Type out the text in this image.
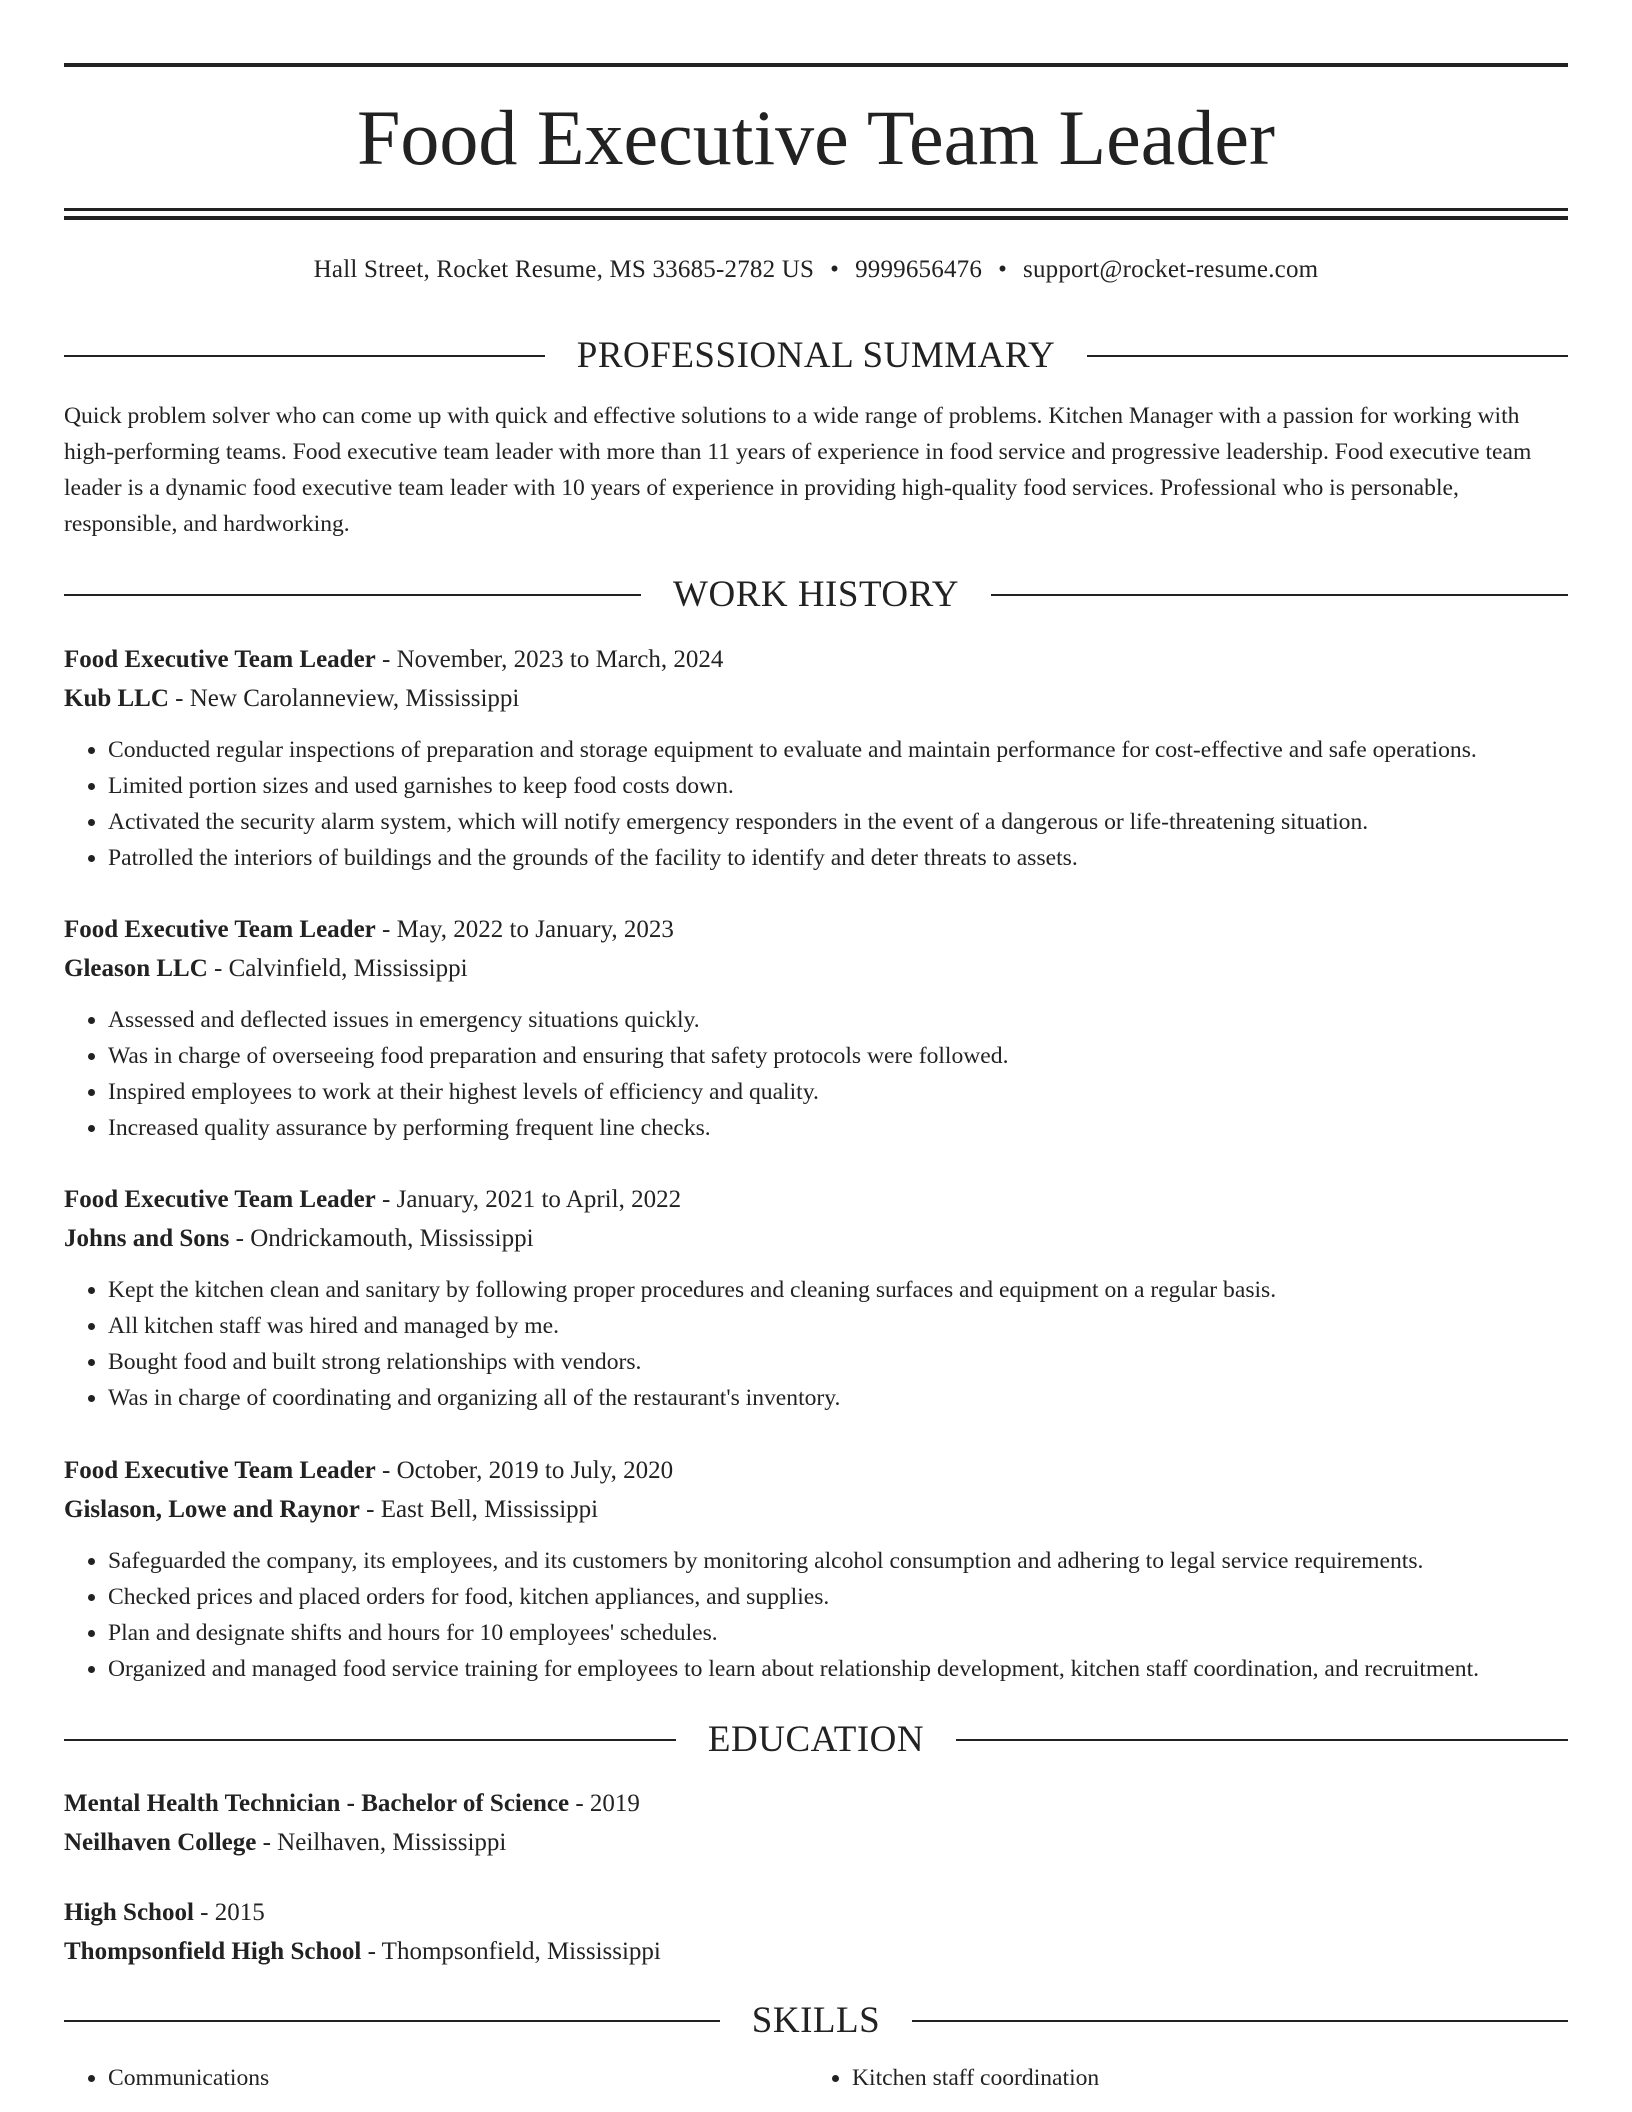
Food Executive Team Leader
Hall Street, Rocket Resume, MS 33685-2782 US • 9999656476 • support@rocket-resume.com
PROFESSIONAL SUMMARY
Quick problem solver who can come up with quick and effective solutions to a wide range of problems. Kitchen Manager with a passion for working with high-performing teams. Food executive team leader with more than 11 years of experience in food service and progressive leadership. Food executive team leader is a dynamic food executive team leader with 10 years of experience in providing high-quality food services. Professional who is personable, responsible, and hardworking.
WORK HISTORY
Food Executive Team Leader - November, 2023 to March, 2024
Kub LLC - New Carolanneview, Mississippi
• Conducted regular inspections of preparation and storage equipment to evaluate and maintain performance for cost-effective and safe operations.
• Limited portion sizes and used garnishes to keep food costs down.
• Activated the security alarm system, which will notify emergency responders in the event of a dangerous or life-threatening situation.
• Patrolled the interiors of buildings and the grounds of the facility to identify and deter threats to assets.
Food Executive Team Leader - May, 2022 to January, 2023
Gleason LLC - Calvinfield, Mississippi
• Assessed and deflected issues in emergency situations quickly.
• Was in charge of overseeing food preparation and ensuring that safety protocols were followed.
• Inspired employees to work at their highest levels of efficiency and quality.
• Increased quality assurance by performing frequent line checks.
Food Executive Team Leader - January, 2021 to April, 2022
Johns and Sons - Ondrickamouth, Mississippi
• Kept the kitchen clean and sanitary by following proper procedures and cleaning surfaces and equipment on a regular basis.
• All kitchen staff was hired and managed by me.
• Bought food and built strong relationships with vendors.
• Was in charge of coordinating and organizing all of the restaurant's inventory.
Food Executive Team Leader - October, 2019 to July, 2020
Gislason, Lowe and Raynor - East Bell, Mississippi
• Safeguarded the company, its employees, and its customers by monitoring alcohol consumption and adhering to legal service requirements.
• Checked prices and placed orders for food, kitchen appliances, and supplies.
• Plan and designate shifts and hours for 10 employees' schedules.
• Organized and managed food service training for employees to learn about relationship development, kitchen staff coordination, and recruitment.
EDUCATION
Mental Health Technician - Bachelor of Science - 2019
Neilhaven College - Neilhaven, Mississippi
High School - 2015
Thompsonfield High School - Thompsonfield, Mississippi
SKILLS
• Communications
•	Kitchen staff coordination
